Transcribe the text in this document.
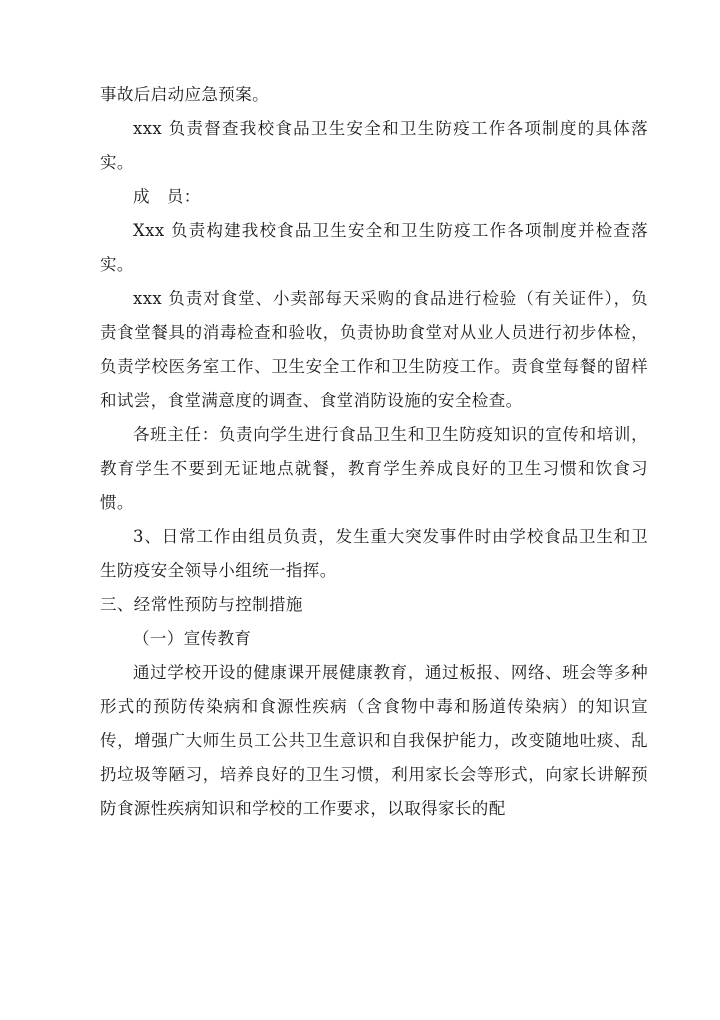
事故后启动应急预案。

xxx 负责督查我校食品卫生安全和卫生防疫工作各项制度的具体落实。

成　员：

Xxx 负责构建我校食品卫生安全和卫生防疫工作各项制度并检查落实。

xxx 负责对食堂、小卖部每天采购的食品进行检验（有关证件），负责食堂餐具的消毒检查和验收，负责协助食堂对从业人员进行初步体检，负责学校医务室工作、卫生安全工作和卫生防疫工作。责食堂每餐的留样和试尝，食堂满意度的调查、食堂消防设施的安全检查。

各班主任：负责向学生进行食品卫生和卫生防疫知识的宣传和培训，教育学生不要到无证地点就餐，教育学生养成良好的卫生习惯和饮食习惯。

3、日常工作由组员负责，发生重大突发事件时由学校食品卫生和卫生防疫安全领导小组统一指挥。

三、经常性预防与控制措施

（一）宣传教育

通过学校开设的健康课开展健康教育，通过板报、网络、班会等多种形式的预防传染病和食源性疾病（含食物中毒和肠道传染病）的知识宣传，增强广大师生员工公共卫生意识和自我保护能力，改变随地吐痰、乱扔垃圾等陋习，培养良好的卫生习惯，利用家长会等形式，向家长讲解预防食源性疾病知识和学校的工作要求，以取得家长的配
